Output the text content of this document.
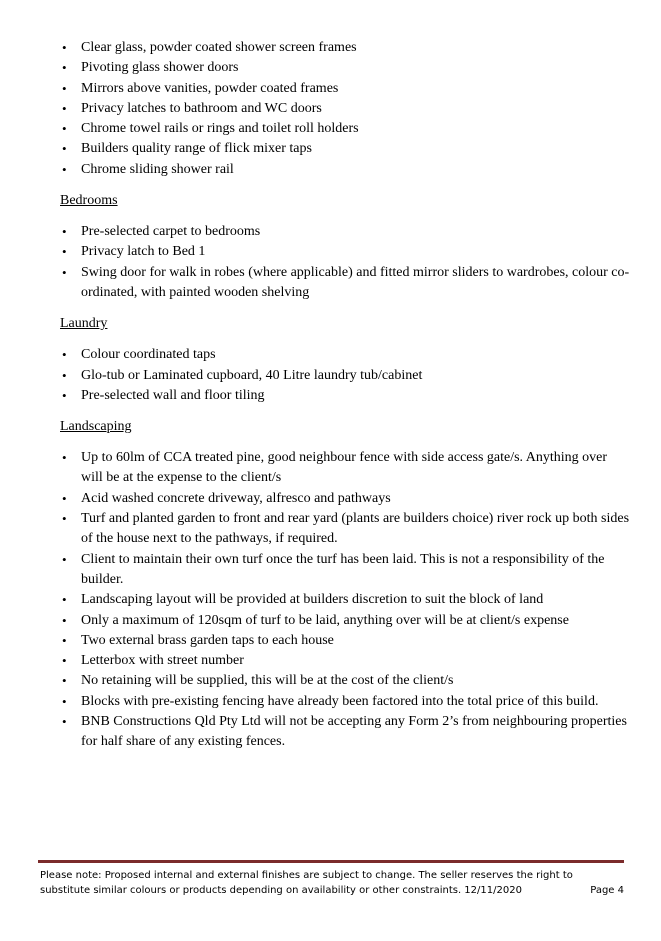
• Clear glass, powder coated shower screen frames
• Pivoting glass shower doors
• Mirrors above vanities, powder coated frames
• Privacy latches to bathroom and WC doors
• Chrome towel rails or rings and toilet roll holders
• Builders quality range of flick mixer taps
• Chrome sliding shower rail
Bedrooms
• Pre-selected carpet to bedrooms
• Privacy latch to Bed 1
• Swing door for walk in robes (where applicable) and fitted mirror sliders to wardrobes, colour co-ordinated, with painted wooden shelving
Laundry
• Colour coordinated taps
• Glo-tub or Laminated cupboard, 40 Litre laundry tub/cabinet
• Pre-selected wall and floor tiling
Landscaping
• Up to 60lm of CCA treated pine, good neighbour fence with side access gate/s. Anything over will be at the expense to the client/s
• Acid washed concrete driveway, alfresco and pathways
• Turf and planted garden to front and rear yard (plants are builders choice) river rock up both sides of the house next to the pathways, if required.
• Client to maintain their own turf once the turf has been laid. This is not a responsibility of the builder.
• Landscaping layout will be provided at builders discretion to suit the block of land
• Only a maximum of 120sqm of turf to be laid, anything over will be at client/s expense
• Two external brass garden taps to each house
• Letterbox with street number
• No retaining will be supplied, this will be at the cost of the client/s
• Blocks with pre-existing fencing have already been factored into the total price of this build.
• BNB Constructions Qld Pty Ltd will not be accepting any Form 2’s from neighbouring properties for half share of any existing fences.
Please note: Proposed internal and external finishes are subject to change. The seller reserves the right to substitute similar colours or products depending on availability or other constraints. 12/11/2020	Page 4
